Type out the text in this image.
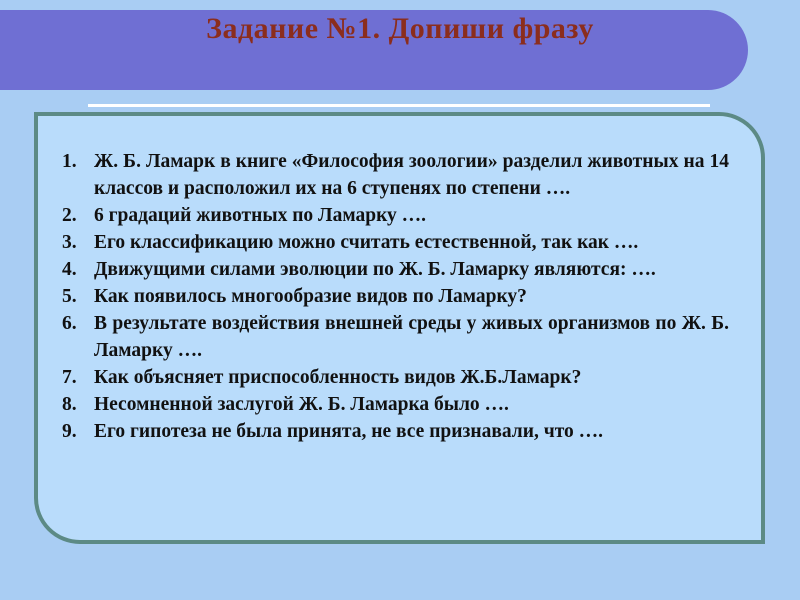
Задание №1. Допиши фразу
1. Ж. Б. Ламарк в книге «Философия зоологии» разделил животных на 14 классов и расположил их на 6 ступенях по степени ….
2. 6 градаций животных по Ламарку ….
3. Его классификацию можно считать естественной, так как ….
4. Движущими силами эволюции по Ж. Б. Ламарку являются: ….
5. Как появилось многообразие видов по Ламарку?
6. В результате воздействия внешней среды у живых организмов по Ж. Б. Ламарку ….
7. Как объясняет приспособленность видов Ж.Б.Ламарк?
8. Несомненной заслугой Ж. Б. Ламарка было ….
9. Его гипотеза не была принята, не все признавали, что ….
